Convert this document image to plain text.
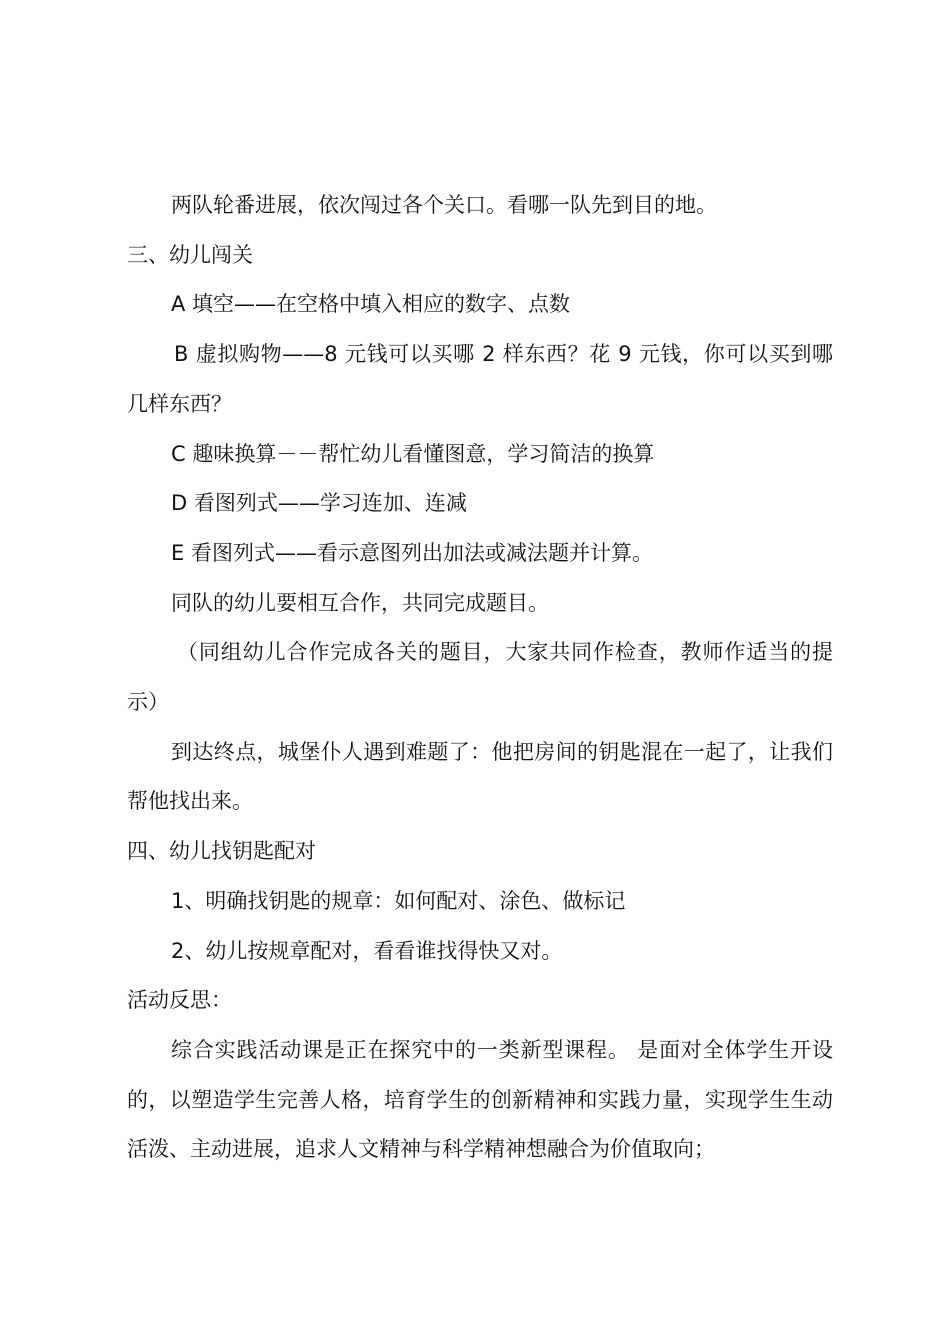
两队轮番进展，依次闯过各个关口。看哪一队先到目的地。

三、幼儿闯关

A 填空——在空格中填入相应的数字、点数

B 虚拟购物——8 元钱可以买哪 2 样东西？花 9 元钱，你可以买到哪几样东西？

C 趣味换算－－帮忙幼儿看懂图意，学习简洁的换算

D 看图列式——学习连加、连减

E 看图列式——看示意图列出加法或减法题并计算。

同队的幼儿要相互合作，共同完成题目。

（同组幼儿合作完成各关的题目，大家共同作检查，教师作适当的提示）

到达终点，城堡仆人遇到难题了：他把房间的钥匙混在一起了，让我们帮他找出来。

四、幼儿找钥匙配对

1、明确找钥匙的规章：如何配对、涂色、做标记

2、幼儿按规章配对，看看谁找得快又对。

活动反思：

综合实践活动课是正在探究中的一类新型课程。 是面对全体学生开设的，以塑造学生完善人格，培育学生的创新精神和实践力量，实现学生生动活泼、主动进展，追求人文精神与科学精神想融合为价值取向；
